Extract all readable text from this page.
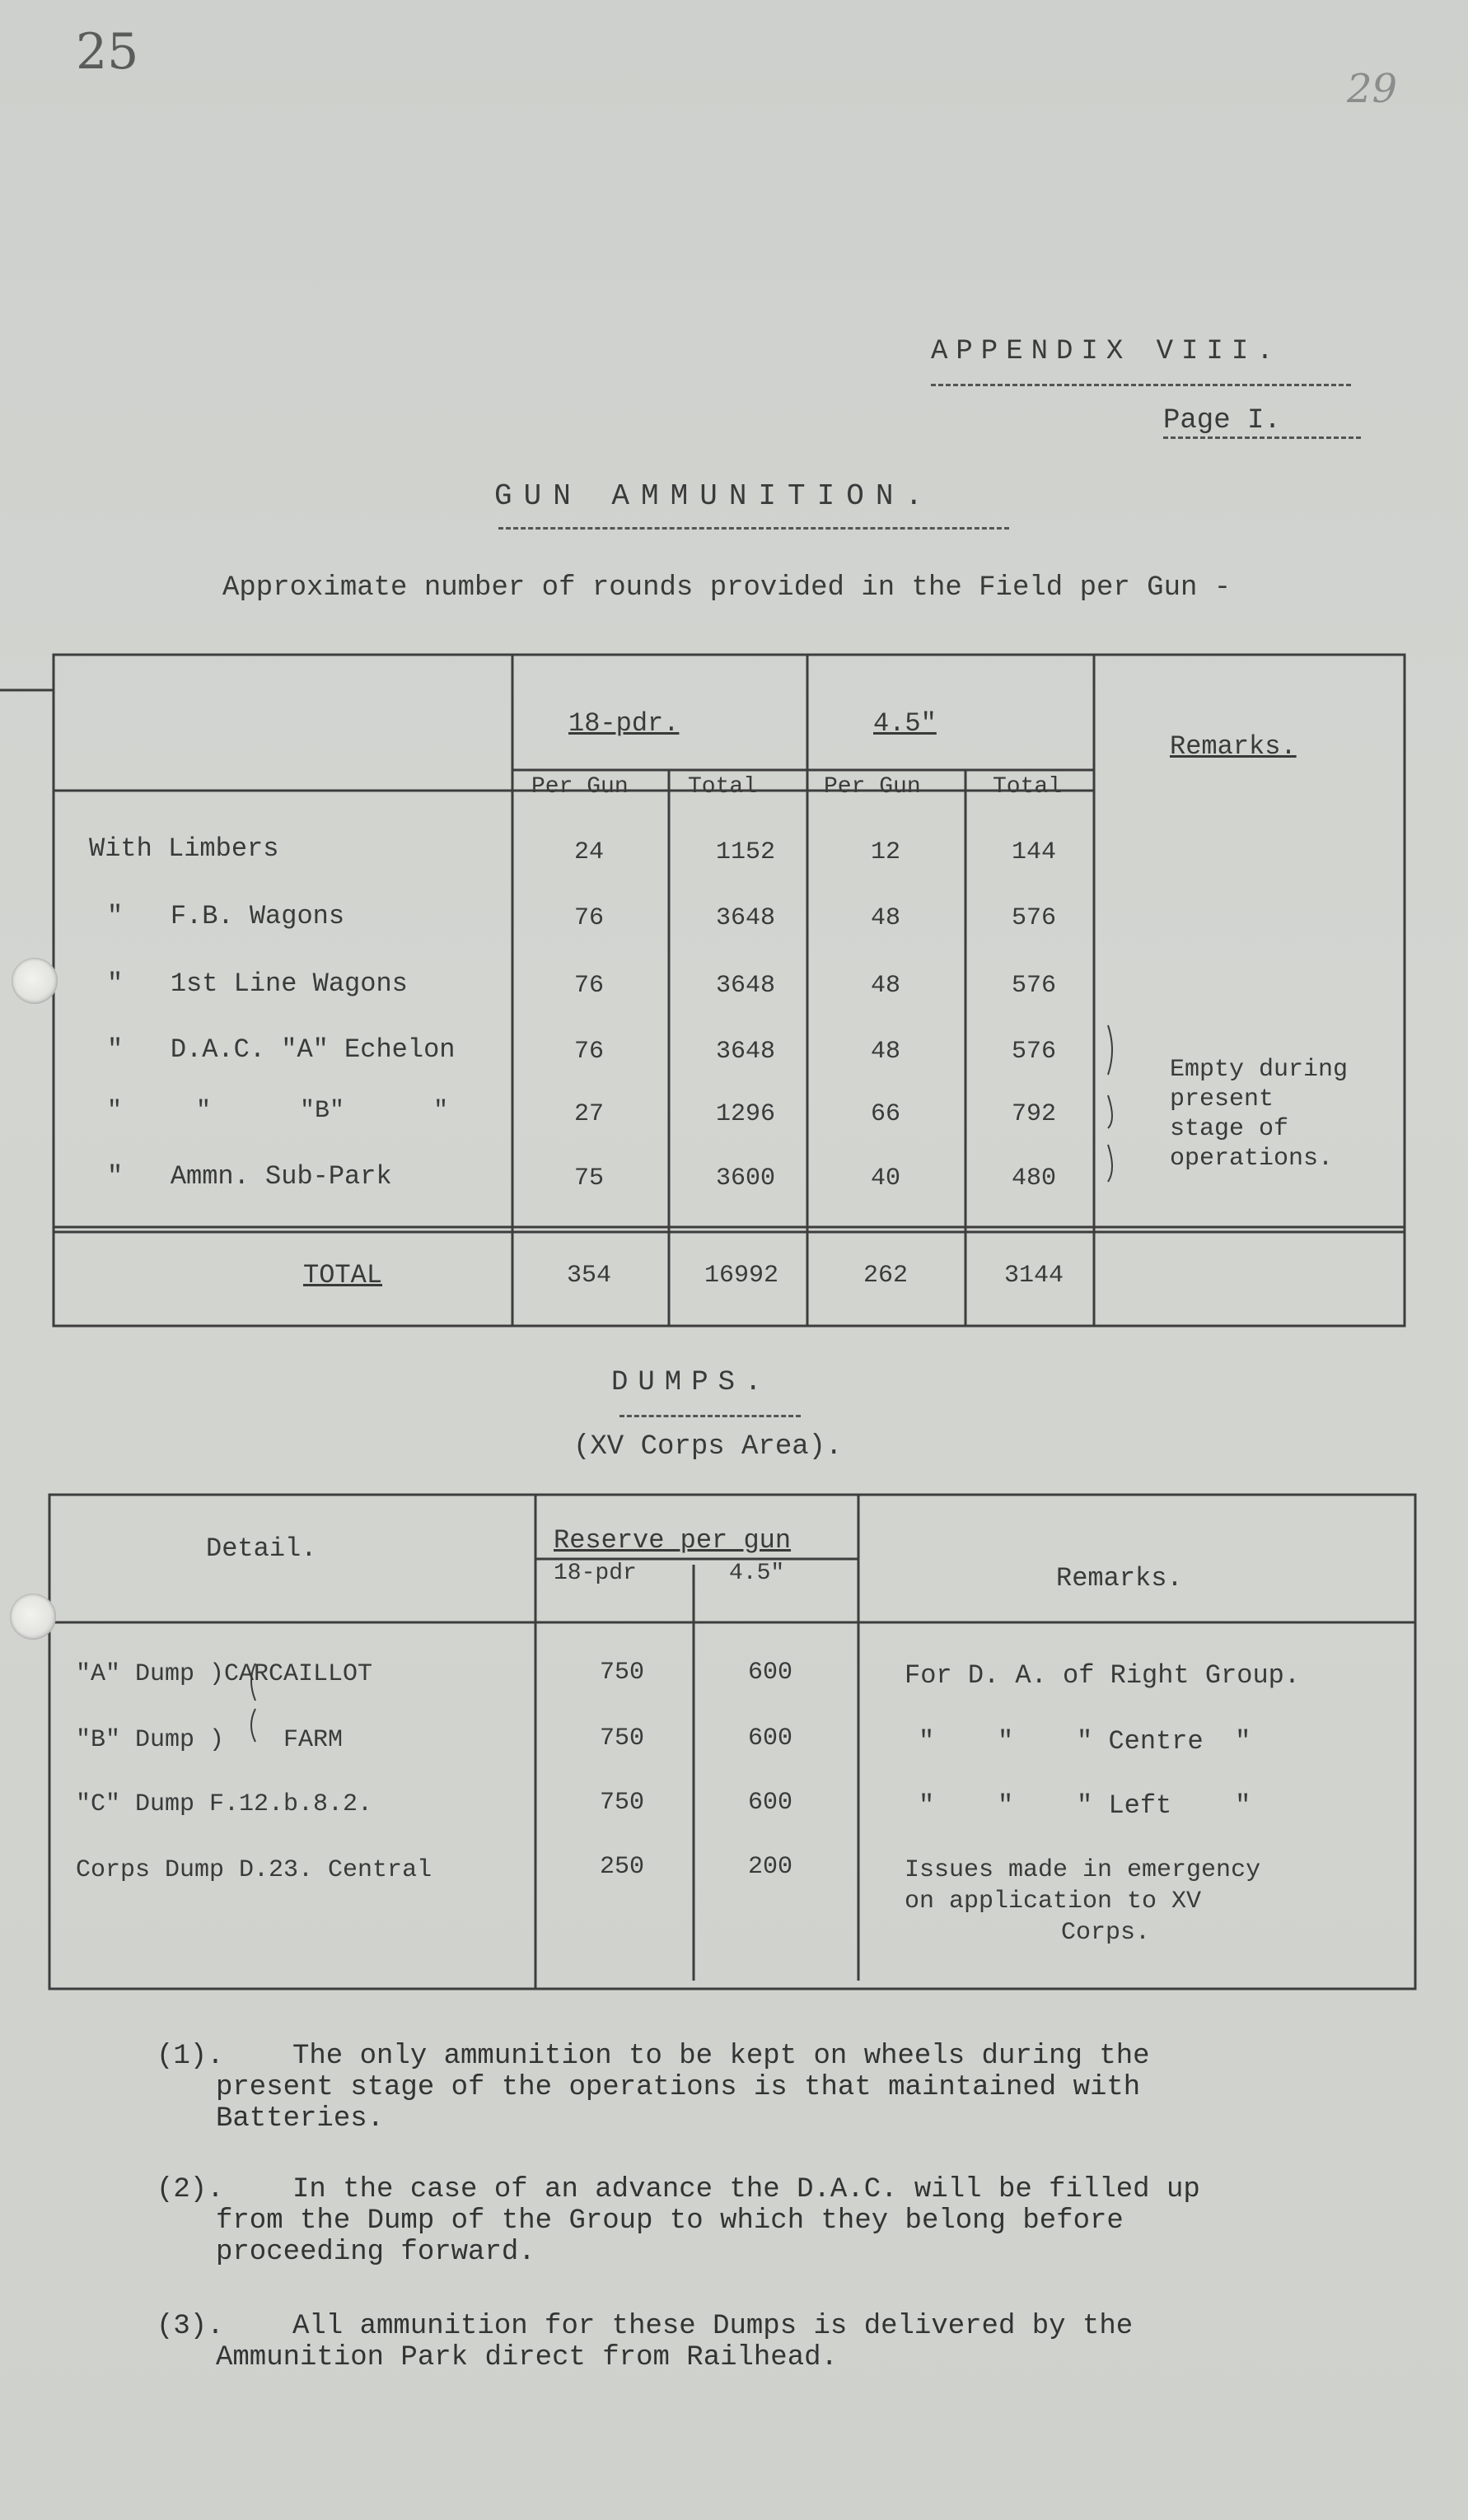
25
29
APPENDIX VIII.
Page I.
GUN AMMUNITION.
Approximate number of rounds provided in the Field per Gun -
18-pdr.	4.5"
Remarks.
Per Gun	Total	Per Gun	Total
With Limbers	24	1152	12	144
"   F.B. Wagons	76	3648	48	576
"   1st Line Wagons	76	3648	48	576
"   D.A.C. "A" Echelon	76	3648	48	576
"     "      "B"      "	27	1296	66	792
"   Ammn. Sub-Park	75	3600	40	480
Empty during
present
stage of
operations.
TOTAL	354	16992	262	3144
DUMPS.
(XV Corps Area).
Detail.	Reserve per gun
18-pdr	4.5"	Remarks.
"A" Dump )CARCAILLOT	750	600	For D. A. of Right Group.
"B" Dump )    FARM	750	600	"    "    " Centre  "
"C" Dump F.12.b.8.2.	750	600	"    "    " Left    "
Corps Dump D.23. Central	250	200	Issues made in emergency
on application to XV
Corps.
(1). The only ammunition to be kept on wheels during the
present stage of the operations is that maintained with
Batteries.
(2). In the case of an advance the D.A.C. will be filled up
from the Dump of the Group to which they belong before
proceeding forward.
(3). All ammunition for these Dumps is delivered by the
Ammunition Park direct from Railhead.
